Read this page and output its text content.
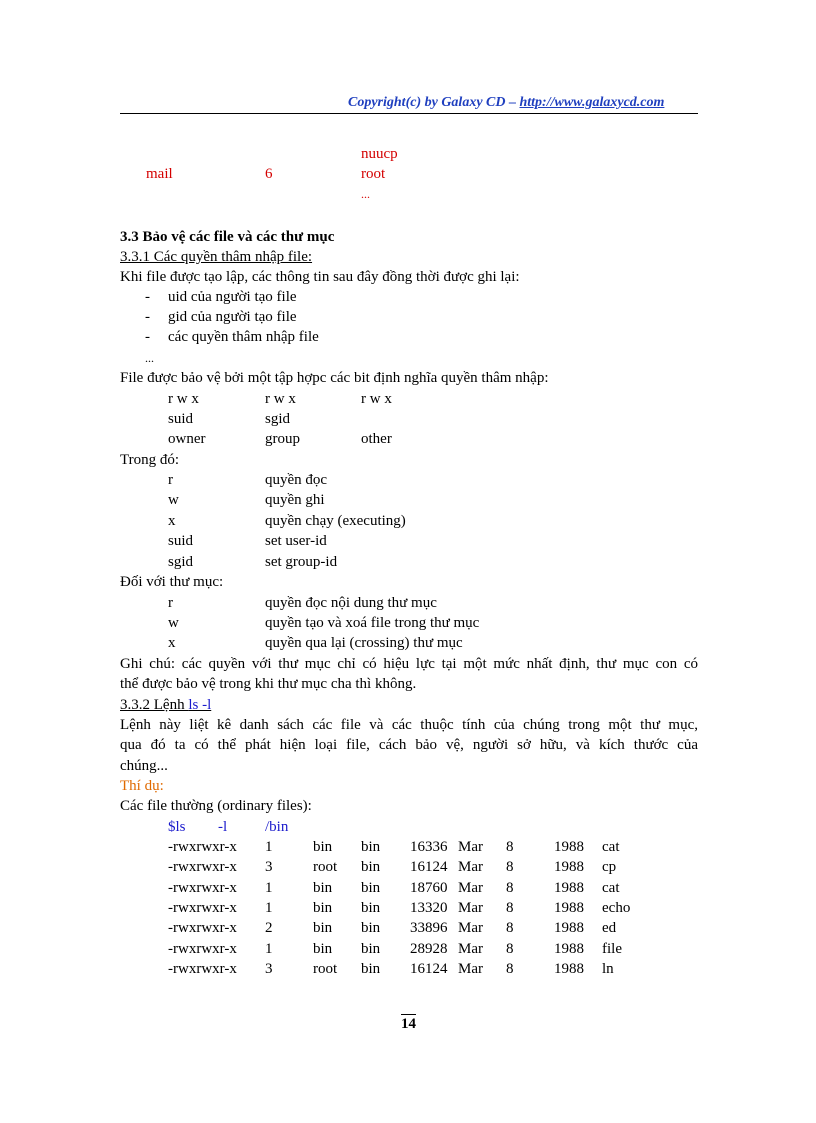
Copyright(c) by Galaxy CD – http://www.galaxycd.com
nuucp
mail	6	root
...
3.3 Bảo vệ các file và các thư mục
3.3.1 Các quyền thâm nhập file:
Khi file được tạo lập, các thông tin sau đây đồng thời được ghi lại:
- uid của người tạo file
- gid của người tạo file
- các quyền thâm nhập file
...
File được bảo vệ bởi một tập hợpc các bit định nghĩa quyền thâm nhập:
r w x	r w x	r w x
suid	sgid
owner	group	other
Trong đó:
r	quyền đọc
w	quyền ghi
x	quyền chạy (executing)
suid	set user-id
sgid	set group-id
Đối với thư mục:
r	quyền đọc nội dung thư mục
w	quyền tạo và xoá file trong thư mục
x	quyền qua lại (crossing) thư mục
Ghi chú: các quyền với thư mục chỉ có hiệu lực tại một mức nhất định, thư mục con có
thể được bảo vệ trong khi thư mục cha thì không.
3.3.2 Lệnh ls -l
Lệnh này liệt kê danh sách các file và các thuộc tính của chúng trong một thư mục,
qua đó ta có thể phát hiện loại file, cách bảo vệ, người sở hữu, và kích thước của
chúng...
Thí dụ:
Các file thường (ordinary files):
$ls -l	/bin
-rwxrwxr-x 1	bin bin 16336 Mar 8	1988 cat
-rwxrwxr-x 3	root bin 16124 Mar 8	1988 cp
-rwxrwxr-x 1	bin bin 18760 Mar 8	1988 cat
-rwxrwxr-x 1	bin bin 13320 Mar 8	1988 echo
-rwxrwxr-x 2	bin bin 33896 Mar 8	1988 ed
-rwxrwxr-x 1	bin bin 28928 Mar 8	1988 file
-rwxrwxr-x 3	root bin 16124 Mar 8	1988 ln
14
